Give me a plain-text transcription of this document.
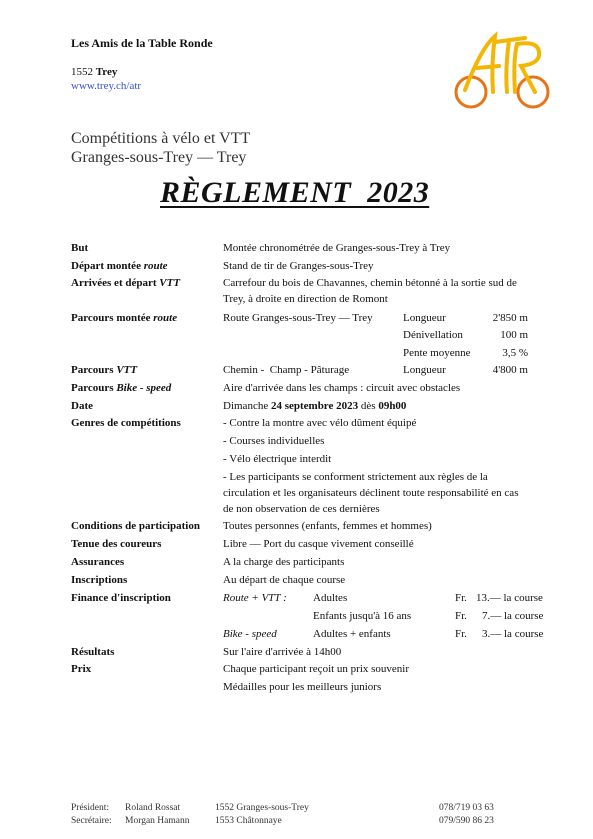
Les Amis de la Table Ronde
1552 Trey
www.trey.ch/atr
Compétitions à vélo et VTT
Granges-sous-Trey — Trey
RÈGLEMENT  2023
But	Montée chronométrée de Granges-sous-Trey à Trey
Départ montée route	Stand de tir de Granges-sous-Trey
Arrivées et départ VTT	Carrefour du bois de Chavannes, chemin bétonné à la sortie sud de
Trey, à droite en direction de Romont
Parcours montée route	Route Granges-sous-Trey — Trey	Longueur	2'850 m
Dénivellation	100 m
Pente moyenne	3,5 %
Parcours VTT	Chemin -  Champ - Pâturage	Longueur	4'800 m
Parcours Bike - speed	Aire d'arrivée dans les champs : circuit avec obstacles
Date	Dimanche 24 septembre 2023 dès 09h00
Genres de compétitions	- Contre la montre avec vélo dûment équipé
- Courses individuelles
- Vélo électrique interdit
- Les participants se conforment strictement aux règles de la
circulation et les organisateurs déclinent toute responsabilité en cas
de non observation de ces dernières
Conditions de participation Toutes personnes (enfants, femmes et hommes)
Tenue des coureurs	Libre — Port du casque vivement conseillé
Assurances	A la charge des participants
Inscriptions	Au départ de chaque course
Finance d'inscription	Route + VTT : Adultes	Fr. 13.— la course
Enfants jusqu'à 16 ans	Fr. 7.— la course
Bike - speed	Adultes + enfants	Fr. 3.— la course
Résultats	Sur l'aire d'arrivée à 14h00
Prix	Chaque participant reçoit un prix souvenir
Médailles pour les meilleurs juniors
Président: Roland Rossat	1552 Granges-sous-Trey	078/719 03 63
Secrétaire: Morgan Hamann	1553 Châtonnaye	079/590 86 23
